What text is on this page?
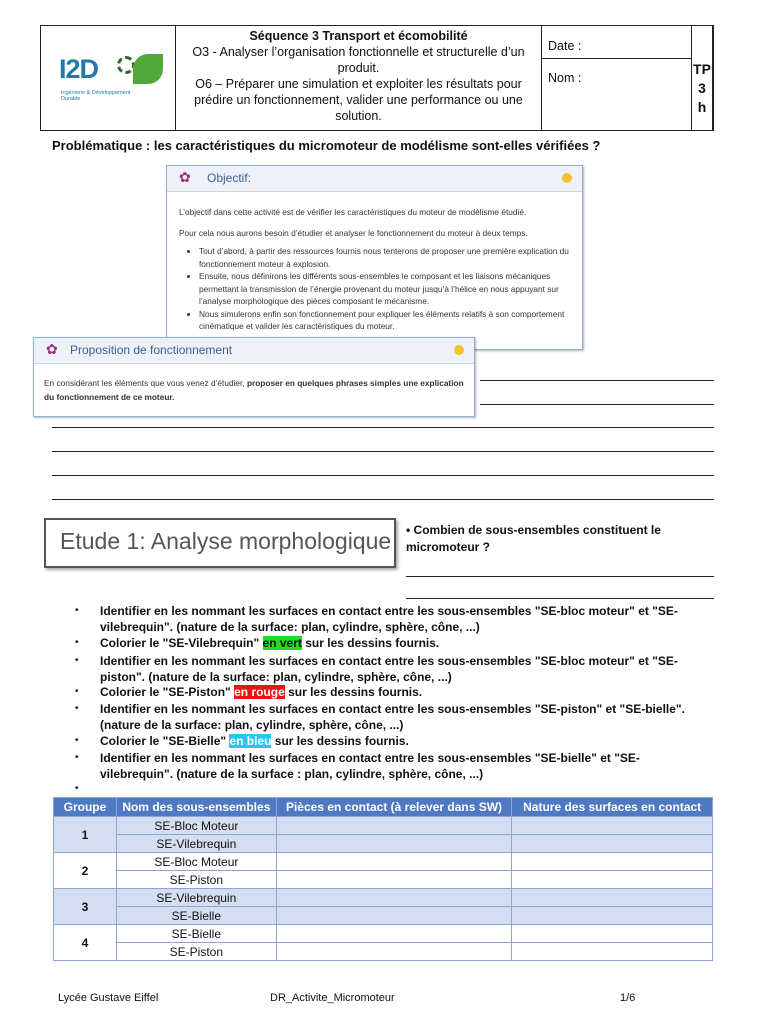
I2D
Ingénierie & Développement Durable
Séquence 3 Transport et écomobilité
O3 - Analyser l’organisation fonctionnelle et structurelle d’un produit.
O6 – Préparer une simulation et exploiter les résultats pour prédire un fonctionnement, valider une performance ou une solution.
Date :
Nom :
TP
3 h
Problématique : les caractéristiques du micromoteur de modélisme sont-elles vérifiées ?
✿ Objectif:
L’objectif dans cette activité est de vérifier les caractéristiques du moteur de modélisme étudié.
Pour cela nous aurons besoin d’étudier et analyser le fonctionnement du moteur à deux temps.
• Tout d’abord, à partir des ressources fournis nous tenterons de proposer une première explication du fonctionnement moteur à explosion.
• Ensuite, nous définirons les différents sous-ensembles le composant et les liaisons mécaniques permettant la transmission de l’énergie provenant du moteur jusqu’à l’hélice en nous appuyant sur l’analyse morphologique des pièces composant le mécanisme.
• Nous simulerons enfin son fonctionnement pour expliquer les éléments relatifs à son comportement cinématique et valider les caractéristiques du moteur.
✿ Proposition de fonctionnement
En considérant les éléments que vous venez d’étudier, proposer en quelques phrases simples une explication du fonctionnement de ce moteur.
Etude 1: Analyse morphologique	• Combien de sous-ensembles constituent le micromoteur ?
• Identifier en les nommant les surfaces en contact entre les sous-ensembles "SE-bloc moteur" et "SE-vilebrequin". (nature de la surface: plan, cylindre, sphère, cône, ...)
• Colorier le "SE-Vilebrequin" en vert sur les dessins fournis.
• Identifier en les nommant les surfaces en contact entre les sous-ensembles "SE-bloc moteur" et "SE-piston". (nature de la surface: plan, cylindre, sphère, cône, ...)
• Colorier le "SE-Piston" en rouge sur les dessins fournis.
• Identifier en les nommant les surfaces en contact entre les sous-ensembles "SE-piston" et "SE-bielle". (nature de la surface: plan, cylindre, sphère, cône, ...)
• Colorier le "SE-Bielle" en bleu sur les dessins fournis.
• Identifier en les nommant les surfaces en contact entre les sous-ensembles "SE-bielle" et "SE-vilebrequin". (nature de la surface : plan, cylindre, sphère, cône, ...)
•
Groupe	Nom des sous-ensembles	Pièces en contact (à relever dans SW)	Nature des surfaces en contact
1	SE-Bloc Moteur		
	SE-Vilebrequin		
2	SE-Bloc Moteur		
	SE-Piston		
3	SE-Vilebrequin		
	SE-Bielle		
4	SE-Bielle		
	SE-Piston		
Lycée Gustave Eiffel	DR_Activite_Micromoteur	1/6
